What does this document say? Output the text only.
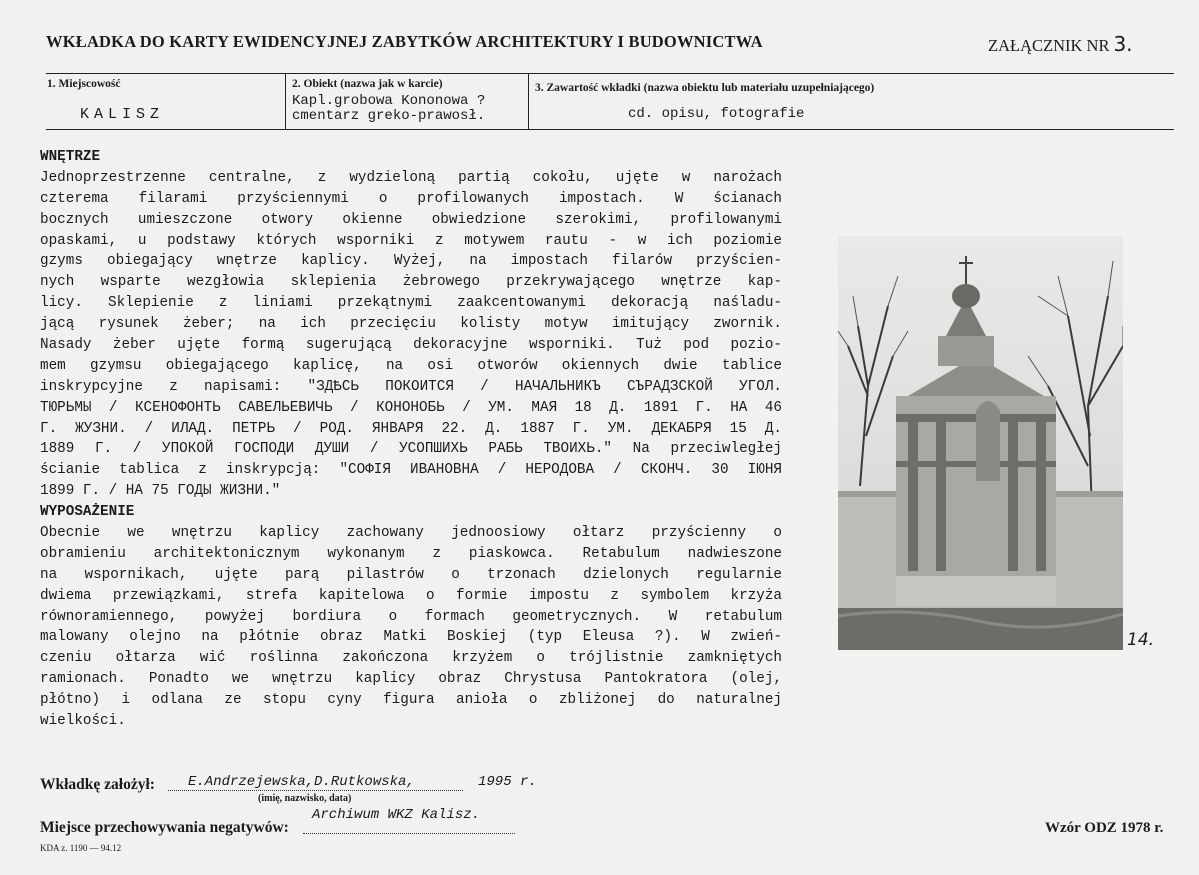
WKŁADKA DO KARTY EWIDENCYJNEJ ZABYTKÓW ARCHITEKTURY I BUDOWNICTWA	ZAŁĄCZNIK NR 3.
1. Miejscowość
KALISZ
2. Obiekt (nazwa jak w karcie)
Kapl.grobowa Kononowa ?
cmentarz greko-prawosł.
3. Zawartość wkładki (nazwa obiektu lub materiału uzupełniającego)
cd. opisu, fotografie
WNĘTRZE
Jednoprzestrzenne centralne, z wydzieloną partią cokołu, ujęte w narożach
czterema filarami przyściennymi o profilowanych impostach. W ścianach
bocznych umieszczone otwory okienne obwiedzione szerokimi, profilowanymi
opaskami, u podstawy których wsporniki z motywem rautu - w ich poziomie
gzyms obiegający wnętrze kaplicy. Wyżej, na impostach filarów przyścien-
nych wsparte wezgłowia sklepienia żebrowego przekrywającego wnętrze kap-
licy. Sklepienie z liniami przekątnymi zaakcentowanymi dekoracją naśladu-
jącą rysunek żeber; na ich przecięciu kolisty motyw imitujący zwornik.
Nasady żeber ujęte formą sugerującą dekoracyjne wsporniki. Tuż pod pozio-
mem gzymsu obiegającego kaplicę, na osi otworów okiennych dwie tablice
inskrypcyjne z napisami: "ЗДѢСЬ ПОКОИТСЯ / НАЧАЛЬНИКЪ СЪРАДЗСКОЙ УГОЛ.
ТЮРЬМЫ / КСЕНОФОНТЬ САВЕЛЬЕВИЧЬ / КОНОНОБЬ / УМ. МАЯ 18 Д. 1891 Г. НА 46
Г. ЖУЗНИ. / ИЛАД. ПЕТРЬ / РОД. ЯНВАРЯ 22. Д. 1887 Г. УМ. ДЕКАБРЯ 15 Д.
1889 Г. / УПОКОЙ ГОСПОДИ ДУШИ / УСОПШИХЬ РАБЬ ТВОИХЬ." Na przeciwległej
ścianie tablica z inskrypcją: "СОФІЯ ИВАНОВНА / НЕРОДОВА / СКОНЧ. 30 ІЮНЯ
1899 Г. / НА 75 ГОДЫ ЖИЗНИ."
WYPOSAŻENIE
Obecnie we wnętrzu kaplicy zachowany jednoosiowy ołtarz przyścienny o
obramieniu architektonicznym wykonanym z piaskowca. Retabulum nadwieszone
na wspornikach, ujęte parą pilastrów o trzonach dzielonych regularnie
dwiema przewiązkami, strefa kapitelowa o formie impostu z symbolem krzyża
równoramiennego, powyżej bordiura o formach geometrycznych. W retabulum
malowany olejno na płótnie obraz Matki Boskiej (typ Eleusa ?). W zwień-
czeniu ołtarza wić roślinna zakończona krzyżem o trójlistnie zamkniętych
ramionach. Ponadto we wnętrzu kaplicy obraz Chrystusa Pantokratora (olej,
płótno) i odlana ze stopu cyny figura anioła o zbliżonej do naturalnej
wielkości.
14.
Wkładkę założył: E.Andrzejewska,D.Rutkowska,	1995 r.
(imię, nazwisko, data)
Miejsce przechowywania negatywów:
Archiwum WKZ Kalisz.
Wzór ODZ 1978 r.
KDA z. 1190 — 94.12
